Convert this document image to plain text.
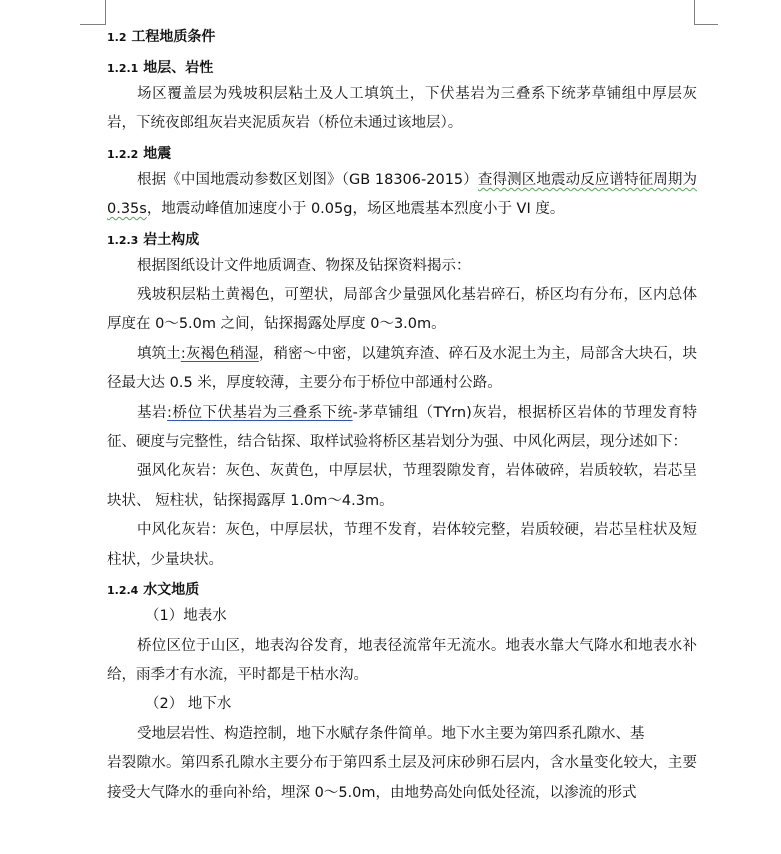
1.2 工程地质条件
1.2.1 地层、岩性

场区覆盖层为残坡积层粘土及人工填筑土，下伏基岩为三叠系下统茅草铺组中厚层灰岩，下统夜郎组灰岩夹泥质灰岩（桥位未通过该地层）。

1.2.2 地震

根据《中国地震动参数区划图》（GB 18306-2015）查得测区地震动反应谱特征周期为0.35s，地震动峰值加速度小于 0.05g，场区地震基本烈度小于 VI 度。

1.2.3 岩土构成

根据图纸设计文件地质调查、物探及钻探资料揭示：

残坡积层粘土黄褐色，可塑状，局部含少量强风化基岩碎石，桥区均有分布，区内总体厚度在 0～5.0m 之间，钻探揭露处厚度 0～3.0m。

填筑土:灰褐色稍湿，稍密～中密，以建筑弃渣、碎石及水泥土为主，局部含大块石，块径最大达 0.5 米，厚度较薄，主要分布于桥位中部通村公路。

基岩:桥位下伏基岩为三叠系下统-茅草铺组（TYrn)灰岩，根据桥区岩体的节理发育特征、硬度与完整性，结合钻探、取样试验将桥区基岩划分为强、中风化两层，现分述如下：

强风化灰岩：灰色、灰黄色，中厚层状，节理裂隙发育，岩体破碎，岩质较软，岩芯呈块状、 短柱状，钻探揭露厚 1.0m～4.3m。

中风化灰岩：灰色，中厚层状，节理不发育，岩体较完整，岩质较硬，岩芯呈柱状及短柱状，少量块状。

1.2.4 水文地质

（1）地表水

桥位区位于山区，地表沟谷发育，地表径流常年无流水。地表水靠大气降水和地表水补给，雨季才有水流，平时都是干枯水沟。

（2） 地下水

受地层岩性、构造控制，地下水赋存条件简单。地下水主要为第四系孔隙水、基

岩裂隙水。第四系孔隙水主要分布于第四系土层及河床砂卵石层内，含水量变化较大，主要接受大气降水的垂向补给，埋深 0～5.0m，由地势高处向低处径流，以渗流的形式
